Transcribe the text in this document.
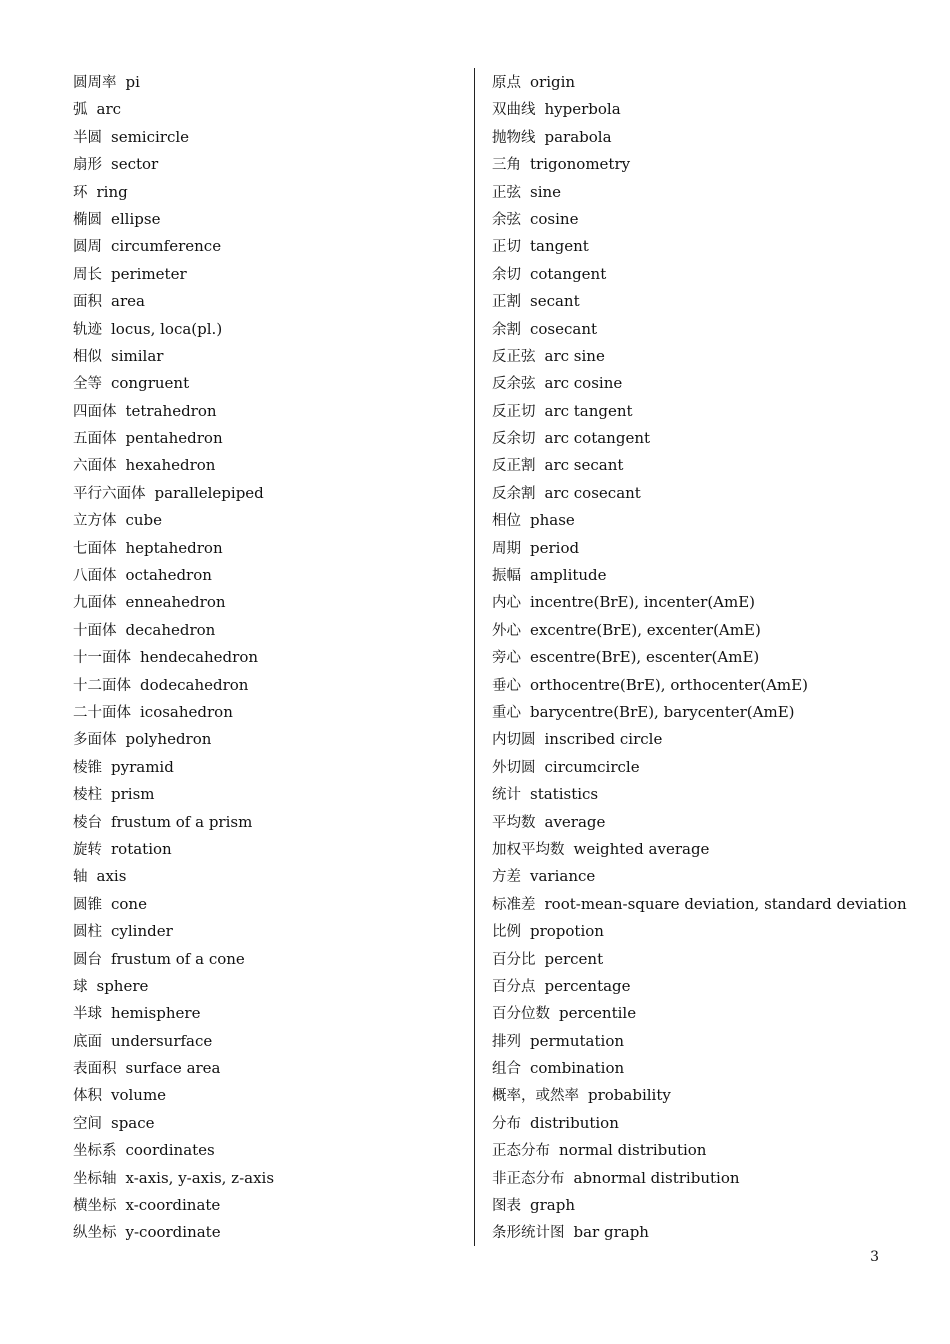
圆周率 pi
弧 arc
半圆 semicircle
扇形 sector
环 ring
椭圆 ellipse
圆周 circumference
周长 perimeter
面积 area
轨迹 locus, loca(pl.)
相似 similar
全等 congruent
四面体 tetrahedron
五面体 pentahedron
六面体 hexahedron
平行六面体 parallelepiped
立方体 cube
七面体 heptahedron
八面体 octahedron
九面体 enneahedron
十面体 decahedron
十一面体 hendecahedron
十二面体 dodecahedron
二十面体 icosahedron
多面体 polyhedron
棱锥 pyramid
棱柱 prism
棱台 frustum of a prism
旋转 rotation
轴 axis
圆锥 cone
圆柱 cylinder
圆台 frustum of a cone
球 sphere
半球 hemisphere
底面 undersurface
表面积 surface area
体积 volume
空间 space
坐标系 coordinates
坐标轴 x-axis, y-axis, z-axis
横坐标 x-coordinate
纵坐标 y-coordinate
原点 origin
双曲线 hyperbola
抛物线 parabola
三角 trigonometry
正弦 sine
余弦 cosine
正切 tangent
余切 cotangent
正割 secant
余割 cosecant
反正弦 arc sine
反余弦 arc cosine
反正切 arc tangent
反余切 arc cotangent
反正割 arc secant
反余割 arc cosecant
相位 phase
周期 period
振幅 amplitude
内心 incentre(BrE), incenter(AmE)
外心 excentre(BrE), excenter(AmE)
旁心 escentre(BrE), escenter(AmE)
垂心 orthocentre(BrE), orthocenter(AmE)
重心 barycentre(BrE), barycenter(AmE)
内切圆 inscribed circle
外切圆 circumcircle
统计 statistics
平均数 average
加权平均数 weighted average
方差 variance
标准差 root-mean-square deviation, standard deviation
比例 propotion
百分比 percent
百分点 percentage
百分位数 percentile
排列 permutation
组合 combination
概率，或然率 probability
分布 distribution
正态分布 normal distribution
非正态分布 abnormal distribution
图表 graph
条形统计图 bar graph
3
